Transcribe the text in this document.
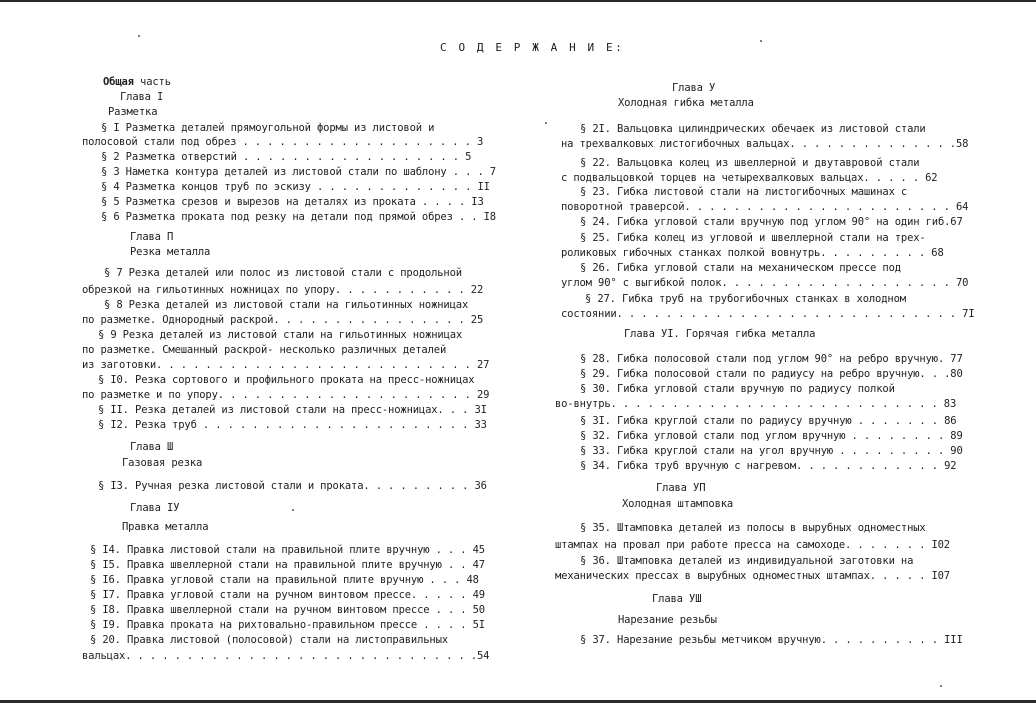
С О Д Е Р Ж А Н И Е:
Общая часть
Глава I
Разметка
§ I Разметка деталей прямоугольной формы из листовой и
полосовой стали под обрез . . . . . . . . . . . . . . . . . . . 3
§ 2 Разметка отверстий . . . . . . . . . . . . . . . . . . 5
§ 3 Наметка контура деталей из листовой стали по шаблону . . . 7
§ 4 Разметка концов труб по эскизу . . . . . . . . . . . . . II
§ 5 Разметка срезов и вырезов на деталях из проката . . . . I3
§ 6 Разметка проката под резку на детали под прямой обрез . . I8
Глава П
Резка металла
§ 7 Резка деталей или полос из листовой стали с продольной
обрезкой на гильотинных ножницах по упору. . . . . . . . . . . 22
§ 8 Резка деталей из листовой стали на гильотинных ножницах
по разметке. Однородный раскрой. . . . . . . . . . . . . . . . 25
§ 9 Резка деталей из листовой стали на гильотинных ножницах
по разметке. Смешанный раскрой- несколько различных деталей
из заготовки. . . . . . . . . . . . . . . . . . . . . . . . . . 27
§ I0. Резка сортового и профильного проката на пресс-ножницах
по разметке и по упору. . . . . . . . . . . . . . . . . . . . . 29
§ II. Резка деталей из листовой стали на пресс-ножницах. . . 3I
§ I2. Резка труб . . . . . . . . . . . . . . . . . . . . . . 33
Глава Ш
Газовая резка
§ I3. Ручная резка листовой стали и проката. . . . . . . . . 36
Глава IУ
Правка металла
§ I4. Правка листовой стали на правильной плите вручную . . . 45
§ I5. Правка швеллерной стали на правильной плите вручную . . 47
§ I6. Правка угловой стали на правильной плите вручную . . . 48
§ I7. Правка угловой стали на ручном винтовом прессе. . . . . 49
§ I8. Правка швеллерной стали на ручном винтовом прессе . . . 50
§ I9. Правка проката на рихтовально-правильном прессе . . . . 5I
§ 20. Правка листовой (полосовой) стали на листоправильных
вальцах. . . . . . . . . . . . . . . . . . . . . . . . . . . . .54
Глава У
Холодная гибка металла
§ 2I. Вальцовка цилиндрических обечаек из листовой стали
на трехвалковых листогибочных вальцах. . . . . . . . . . . . . .58
§ 22. Вальцовка колец из швеллерной и двутавровой стали
с подвальцовкой торцев на четырехвалковых вальцах. . . . . 62
§ 23. Гибка листовой стали на листогибочных машинах с
поворотной траверсой. . . . . . . . . . . . . . . . . . . . . . 64
§ 24. Гибка угловой стали вручную под углом 90° на один гиб.67
§ 25. Гибка колец из угловой и швеллерной стали на трех-
роликовых гибочных станках полкой вовнутрь. . . . . . . . . 68
§ 26. Гибка угловой стали на механическом прессе под
углом 90° с выгибкой полок. . . . . . . . . . . . . . . . . . . 70
§ 27. Гибка труб на трубогибочных станках в холодном
состоянии. . . . . . . . . . . . . . . . . . . . . . . . . . . . 7I
Глава УI. Горячая гибка металла
§ 28. Гибка полосовой стали под углом 90° на ребро вручную. 77
§ 29. Гибка полосовой стали по радиусу на ребро вручную. . .80
§ 30. Гибка угловой стали вручную по радиусу полкой
во-внутрь. . . . . . . . . . . . . . . . . . . . . . . . . . . 83
§ 3I. Гибка круглой стали по радиусу вручную . . . . . . . 86
§ 32. Гибка угловой стали под углом вручную . . . . . . . . 89
§ 33. Гибка круглой стали на угол вручную . . . . . . . . . 90
§ 34. Гибка труб вручную с нагревом. . . . . . . . . . . . 92
Глава УП
Холодная штамповка
§ 35. Штамповка деталей из полосы в вырубных одноместных
штампах на провал при работе пресса на самоходе. . . . . . . I02
§ 36. Штамповка деталей из индивидуальной заготовки на
механических прессах в вырубных одноместных штампах. . . . . I07
Глава УШ
Нарезание резьбы
§ 37. Нарезание резьбы метчиком вручную. . . . . . . . . . III
